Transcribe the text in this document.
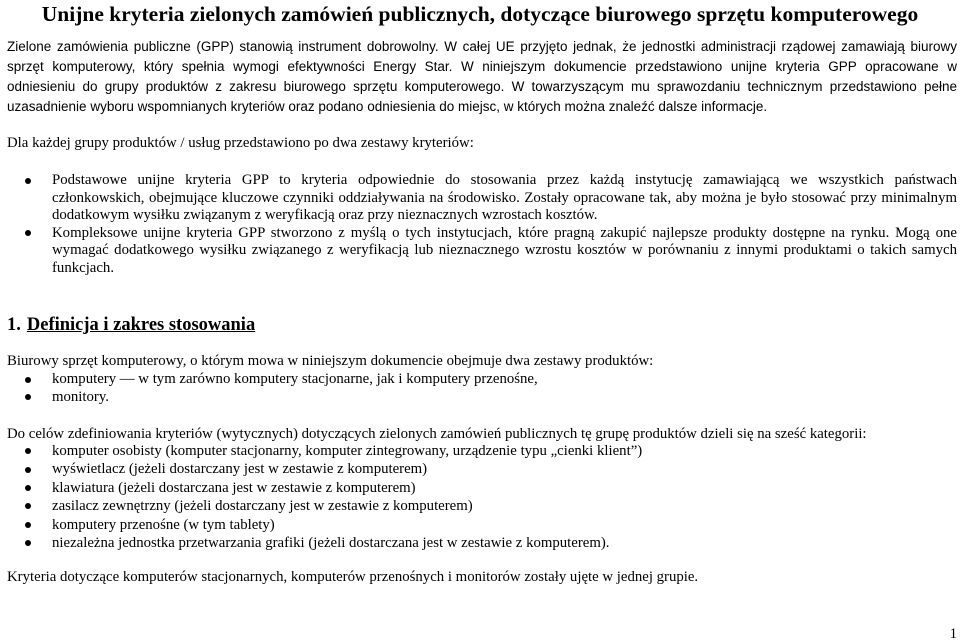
Unijne kryteria zielonych zamówień publicznych, dotyczące biurowego sprzętu komputerowego
Zielone zamówienia publiczne (GPP) stanowią instrument dobrowolny. W całej UE przyjęto jednak, że jednostki administracji rządowej zamawiają biurowy
sprzęt komputerowy, który spełnia wymogi efektywności Energy Star. W niniejszym dokumencie przedstawiono unijne kryteria GPP opracowane w
odniesieniu do grupy produktów z zakresu biurowego sprzętu komputerowego. W towarzyszącym mu sprawozdaniu technicznym przedstawiono pełne
uzasadnienie wyboru wspomnianych kryteriów oraz podano odniesienia do miejsc, w których można znaleźć dalsze informacje.

Dla każdej grupy produktów / usług przedstawiono po dwa zestawy kryteriów:

Podstawowe unijne kryteria GPP to kryteria odpowiednie do stosowania przez każdą instytucję zamawiającą we wszystkich państwach
członkowskich, obejmujące kluczowe czynniki oddziaływania na środowisko. Zostały opracowane tak, aby można je było stosować przy minimalnym
dodatkowym wysiłku związanym z weryfikacją oraz przy nieznacznych wzrostach kosztów.
Kompleksowe unijne kryteria GPP stworzono z myślą o tych instytucjach, które pragną zakupić najlepsze produkty dostępne na rynku. Mogą one
wymagać dodatkowego wysiłku związanego z weryfikacją lub nieznacznego wzrostu kosztów w porównaniu z innymi produktami o takich samych
funkcjach.
1. Definicja i zakres stosowania

Biurowy sprzęt komputerowy, o którym mowa w niniejszym dokumencie obejmuje dwa zestawy produktów:

komputery — w tym zarówno komputery stacjonarne, jak i komputery przenośne,
monitory.

Do celów zdefiniowania kryteriów (wytycznych) dotyczących zielonych zamówień publicznych tę grupę produktów dzieli się na sześć kategorii:

komputer osobisty (komputer stacjonarny, komputer zintegrowany, urządzenie typu „cienki klient”)
wyświetlacz (jeżeli dostarczany jest w zestawie z komputerem)
klawiatura (jeżeli dostarczana jest w zestawie z komputerem)
zasilacz zewnętrzny (jeżeli dostarczany jest w zestawie z komputerem)
komputery przenośne (w tym tablety)
niezależna jednostka przetwarzania grafiki (jeżeli dostarczana jest w zestawie z komputerem).

Kryteria dotyczące komputerów stacjonarnych, komputerów przenośnych i monitorów zostały ujęte w jednej grupie.

1
